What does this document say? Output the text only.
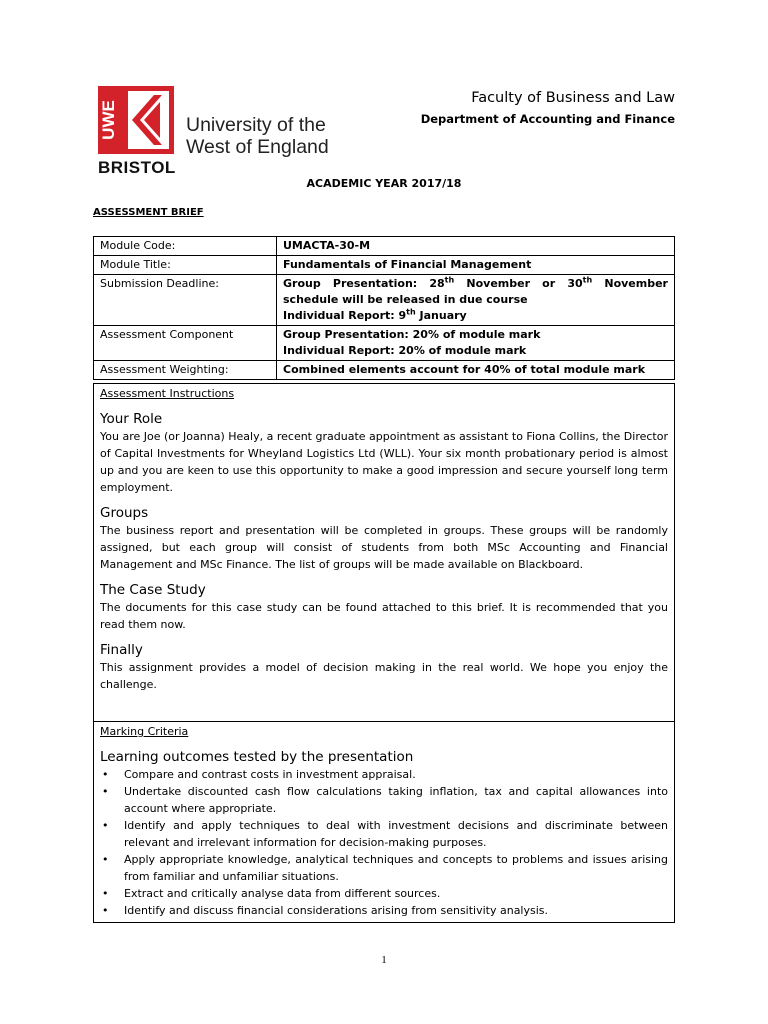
UWE	University of the
West of England
BRISTOL
Faculty of Business and Law
Department of Accounting and Finance
ACADEMIC YEAR 2017/18
ASSESSMENT BRIEF
Module Code:	UMACTA-30-M
Module Title:	Fundamentals of Financial Management
Submission Deadline:	Group Presentation: 28th November or 30th November schedule will be released in due course
Individual Report: 9th January
Assessment Component	Group Presentation: 20% of module mark
Individual Report: 20% of module mark

Assessment Weighting:	Combined elements account for 40% of total module mark
Assessment Instructions
Your Role

You are Joe (or Joanna) Healy, a recent graduate appointment as assistant to Fiona Collins, the Director of Capital Investments for Wheyland Logistics Ltd (WLL). Your six month probationary period is almost up and you are keen to use this opportunity to make a good impression and secure yourself long term employment.

Groups

The business report and presentation will be completed in groups. These groups will be randomly assigned, but each group will consist of students from both MSc Accounting and Financial Management and MSc Finance. The list of groups will be made available on Blackboard.

The Case Study

The documents for this case study can be found attached to this brief. It is recommended that you read them now.

Finally

This assignment provides a model of decision making in the real world. We hope you enjoy the challenge.

Marking Criteria
Learning outcomes tested by the presentation
• Compare and contrast costs in investment appraisal.
• Undertake discounted cash flow calculations taking inflation, tax and capital allowances into account where appropriate.
• Identify and apply techniques to deal with investment decisions and discriminate between relevant and irrelevant information for decision-making purposes.
• Apply appropriate knowledge, analytical techniques and concepts to problems and issues arising from familiar and unfamiliar situations.
• Extract and critically analyse data from different sources.
• Identify and discuss financial considerations arising from sensitivity analysis.
1
